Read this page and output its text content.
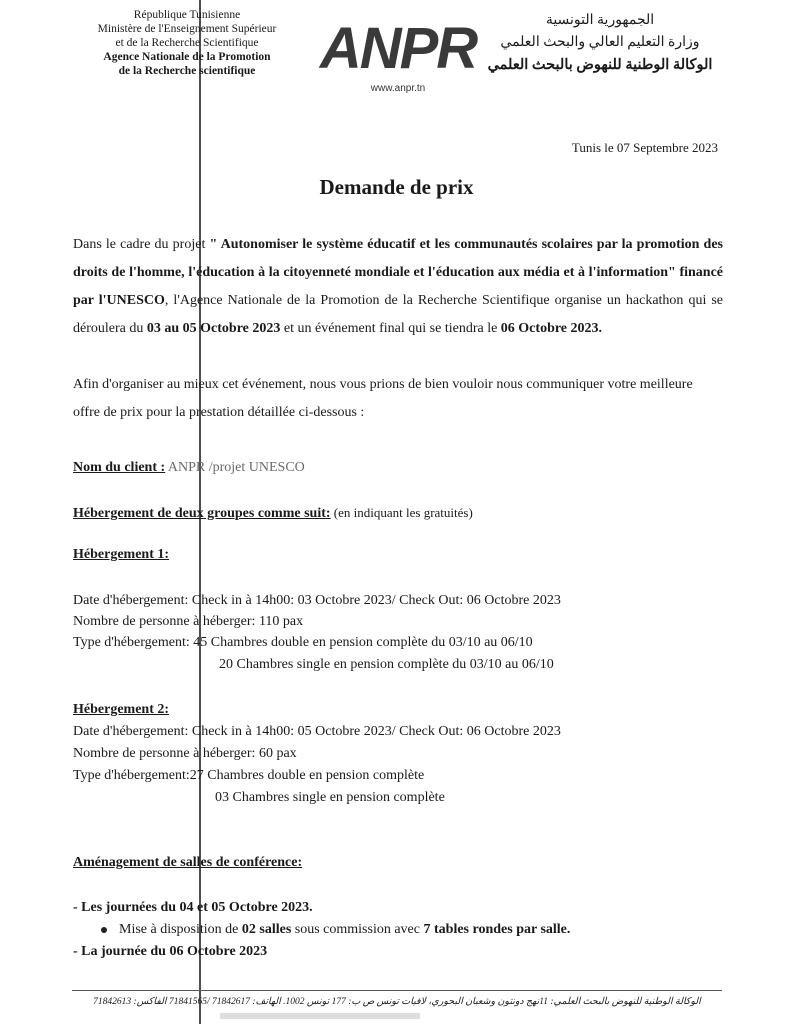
République Tunisienne
Ministère de l'Enseignement Supérieur
et de la Recherche Scientifique
Agence Nationale de la Promotion
de la Recherche scientifique	ANPR
www.anpr.tn
الجمهورية التونسية
وزارة التعليم العالي والبحث العلمي
الوكالة الوطنية للنهوض بالبحث العلمي
Tunis le 07 Septembre 2023
Demande de prix
Dans le cadre du projet " Autonomiser le système éducatif et les communautés scolaires par la promotion des droits de l'homme, l'éducation à la citoyenneté mondiale et l'éducation aux média et à l'information" financé par l'UNESCO, l'Agence Nationale de la Promotion de la Recherche Scientifique organise un hackathon qui se déroulera du 03 au 05 Octobre 2023 et un événement final qui se tiendra le 06 Octobre 2023.
Afin d'organiser au mieux cet événement, nous vous prions de bien vouloir nous communiquer votre meilleure offre de prix pour la prestation détaillée ci-dessous :
Nom du client : ANPR /projet UNESCO
Hébergement de deux groupes comme suit: (en indiquant les gratuités)
Hébergement 1:
Date d'hébergement: Check in à 14h00: 03 Octobre 2023/ Check Out: 06 Octobre 2023
Nombre de personne à héberger: 110 pax
Type d'hébergement: 45 Chambres double en pension complète du 03/10 au 06/10
20 Chambres single en pension complète du 03/10 au 06/10
Hébergement 2:
Date d'hébergement: Check in à 14h00: 05 Octobre 2023/ Check Out: 06 Octobre 2023
Nombre de personne à héberger: 60 pax
Type d'hébergement:27 Chambres double en pension complète
03 Chambres single en pension complète
Aménagement de salles de conférence:
- Les journées du 04 et 05 Octobre 2023.
Mise à disposition de 02 salles sous commission avec 7 tables rondes par salle.
- La journée du 06 Octobre 2023
الوكالة الوطنية للنهوض بالبحث العلمي: 11نهج دونتون وشعبان البحوري، لافيات تونس ص ب: 177 تونس 1002. الهاتف: 71842617 /71841565 الفاكس: 71842613
